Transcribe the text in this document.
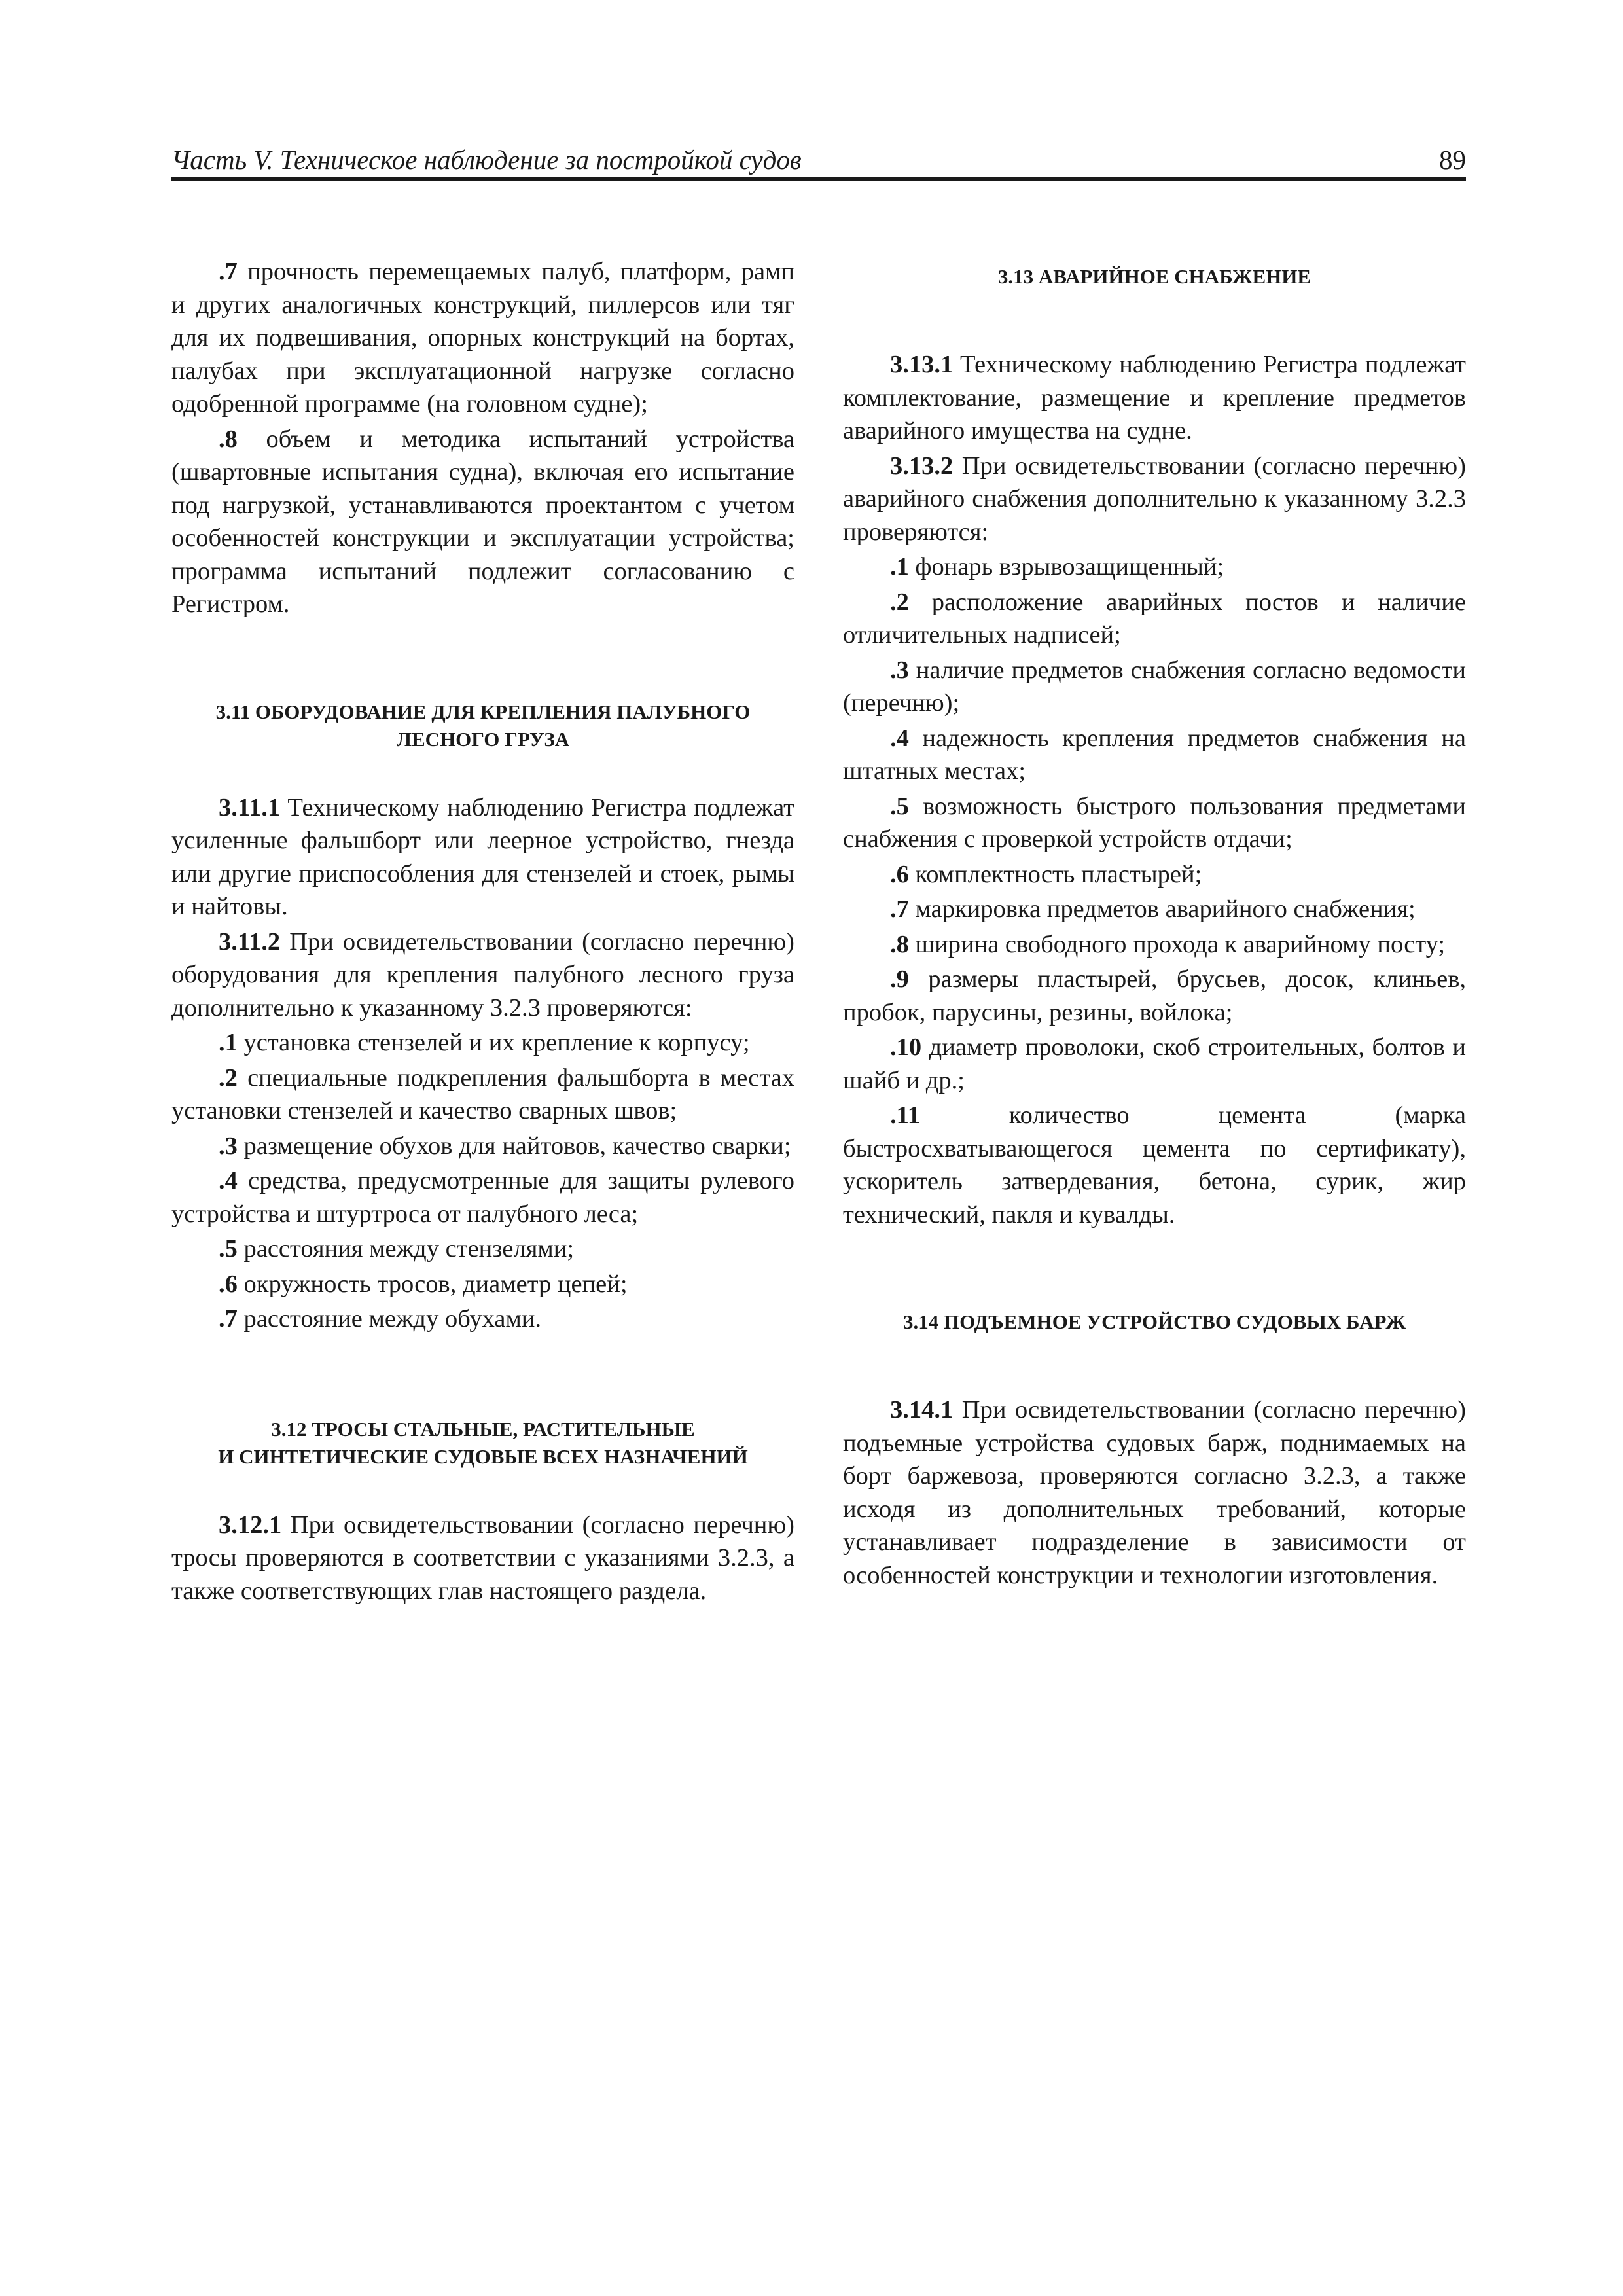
Часть V. Техническое наблюдение за постройкой судов	89

.7 прочность перемещаемых палуб, платформ, рамп и других аналогичных конструкций, пиллерсов или тяг для их подвешивания, опорных конструкций на бортах, палубах при эксплуатационной нагрузке согласно одобренной программе (на головном судне);

.8 объем и методика испытаний устройства (швартовные испытания судна), включая его испытание под нагрузкой, устанавливаются проектантом с учетом особенностей конструкции и эксплуатации устройства; программа испытаний подлежит согласованию с Регистром.

3.11 ОБОРУДОВАНИЕ ДЛЯ КРЕПЛЕНИЯ ПАЛУБНОГО
ЛЕСНОГО ГРУЗА

3.11.1 Техническому наблюдению Регистра подлежат усиленные фальшборт или леерное устройство, гнезда или другие приспособления для стензелей и стоек, рымы и найтовы.

3.11.2 При освидетельствовании (согласно перечню) оборудования для крепления палубного лесного груза дополнительно к указанному 3.2.3 проверяются:

.1 установка стензелей и их крепление к корпусу;

.2 специальные подкрепления фальшборта в местах установки стензелей и качество сварных швов;

.3 размещение обухов для найтовов, качество сварки;

.4 средства, предусмотренные для защиты рулевого устройства и штуртроса от палубного леса;

.5 расстояния между стензелями;

.6 окружность тросов, диаметр цепей;

.7 расстояние между обухами.

3.12 ТРОСЫ СТАЛЬНЫЕ, РАСТИТЕЛЬНЫЕ
И СИНТЕТИЧЕСКИЕ СУДОВЫЕ ВСЕХ НАЗНАЧЕНИЙ

3.12.1 При освидетельствовании (согласно перечню) тросы проверяются в соответствии с указаниями 3.2.3, а также соответствующих глав настоящего раздела.

3.13 АВАРИЙНОЕ СНАБЖЕНИЕ

3.13.1 Техническому наблюдению Регистра подлежат комплектование, размещение и крепление предметов аварийного имущества на судне.

3.13.2 При освидетельствовании (согласно перечню) аварийного снабжения дополнительно к указанному 3.2.3 проверяются:

.1 фонарь взрывозащищенный;

.2 расположение аварийных постов и наличие отличительных надписей;

.3 наличие предметов снабжения согласно ведомости (перечню);

.4 надежность крепления предметов снабжения на штатных местах;

.5 возможность быстрого пользования предметами снабжения с проверкой устройств отдачи;

.6 комплектность пластырей;

.7 маркировка предметов аварийного снабжения;

.8 ширина свободного прохода к аварийному посту;

.9 размеры пластырей, брусьев, досок, клиньев, пробок, парусины, резины, войлока;

.10 диаметр проволоки, скоб строительных, болтов и шайб и др.;

.11 количество цемента (марка быстросхватывающегося цемента по сертификату), ускоритель затвердевания, бетона, сурик, жир технический, пакля и кувалды.

3.14 ПОДЪЕМНОЕ УСТРОЙСТВО СУДОВЫХ БАРЖ

3.14.1 При освидетельствовании (согласно перечню) подъемные устройства судовых барж, поднимаемых на борт баржевоза, проверяются согласно 3.2.3, а также исходя из дополнительных требований, которые устанавливает подразделение в зависимости от особенностей конструкции и технологии изготовления.
